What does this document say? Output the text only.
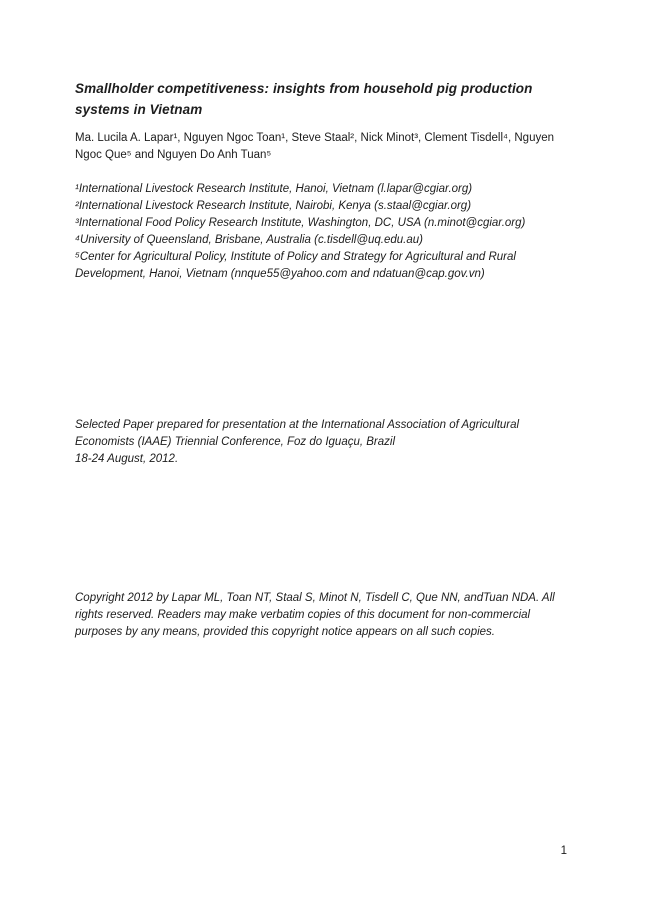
Smallholder competitiveness: insights from household pig production systems in Vietnam

Ma. Lucila A. Lapar¹, Nguyen Ngoc Toan¹, Steve Staal², Nick Minot³, Clement Tisdell⁴, Nguyen Ngoc Que⁵ and Nguyen Do Anh Tuan⁵

¹International Livestock Research Institute, Hanoi, Vietnam (l.lapar@cgiar.org)

²International Livestock Research Institute, Nairobi, Kenya (s.staal@cgiar.org)

³International Food Policy Research Institute, Washington, DC, USA (n.minot@cgiar.org)

⁴University of Queensland, Brisbane, Australia (c.tisdell@uq.edu.au)

⁵Center for Agricultural Policy, Institute of Policy and Strategy for Agricultural and Rural Development, Hanoi, Vietnam (nnque55@yahoo.com and ndatuan@cap.gov.vn)

Selected Paper prepared for presentation at the International Association of Agricultural Economists (IAAE) Triennial Conference, Foz do Iguaçu, Brazil

18-24 August, 2012.

Copyright 2012 by Lapar ML, Toan NT, Staal S, Minot N, Tisdell C, Que NN, andTuan NDA. All rights reserved. Readers may make verbatim copies of this document for non-commercial purposes by any means, provided this copyright notice appears on all such copies.

1
